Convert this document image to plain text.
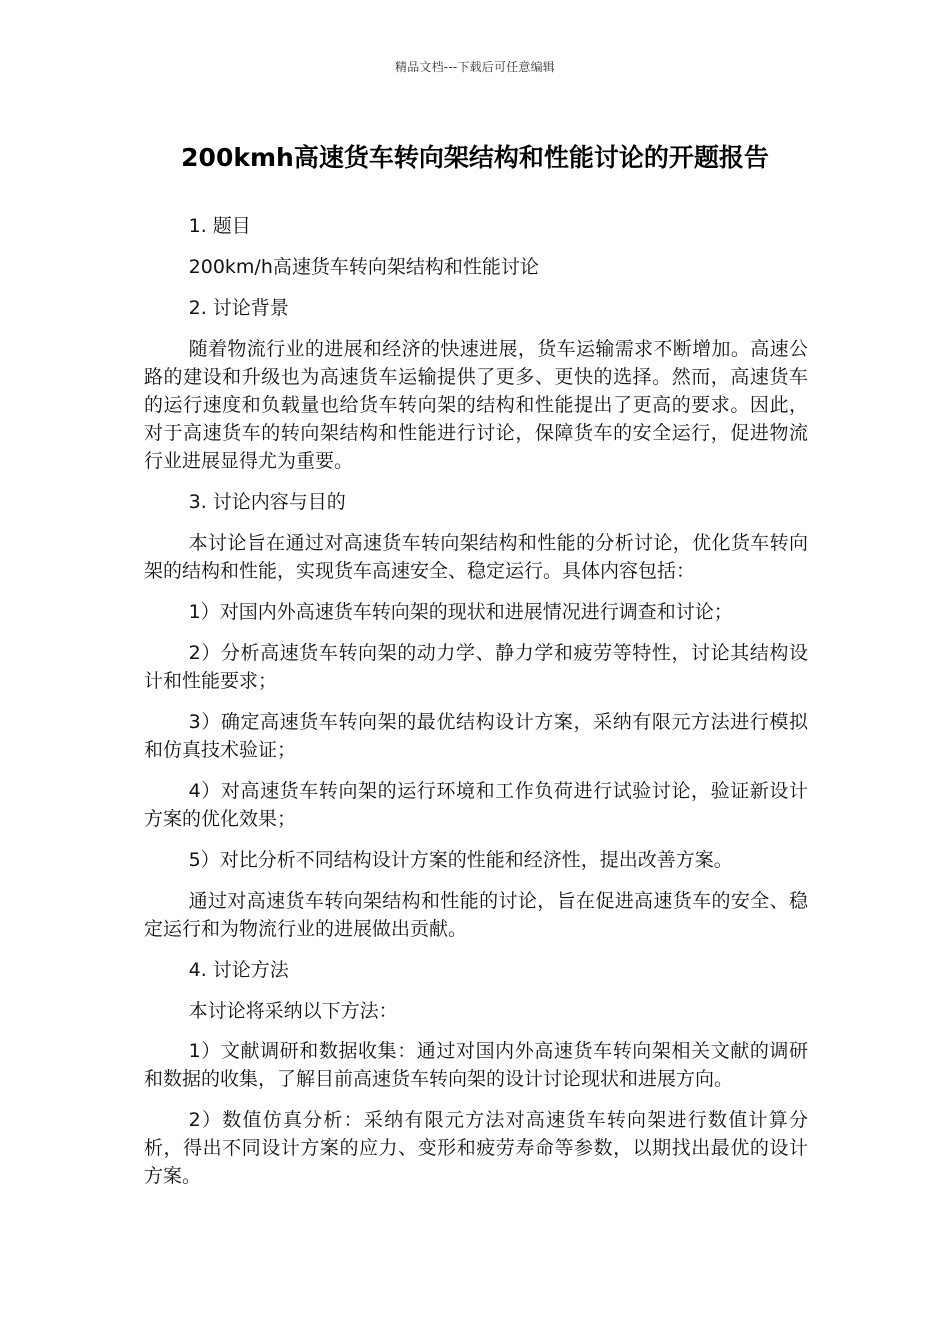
精品文档---下载后可任意编辑
200kmh高速货车转向架结构和性能讨论的开题报告

1. 题目

200km/h高速货车转向架结构和性能讨论

2. 讨论背景

随着物流行业的进展和经济的快速进展，货车运输需求不断增加。高速公路的建设和升级也为高速货车运输提供了更多、更快的选择。然而，高速货车的运行速度和负载量也给货车转向架的结构和性能提出了更高的要求。因此，对于高速货车的转向架结构和性能进行讨论，保障货车的安全运行，促进物流行业进展显得尤为重要。

3. 讨论内容与目的

本讨论旨在通过对高速货车转向架结构和性能的分析讨论，优化货车转向架的结构和性能，实现货车高速安全、稳定运行。具体内容包括：

1）对国内外高速货车转向架的现状和进展情况进行调查和讨论；

2）分析高速货车转向架的动力学、静力学和疲劳等特性，讨论其结构设计和性能要求；

3）确定高速货车转向架的最优结构设计方案，采纳有限元方法进行模拟和仿真技术验证；

4）对高速货车转向架的运行环境和工作负荷进行试验讨论，验证新设计方案的优化效果；

5）对比分析不同结构设计方案的性能和经济性，提出改善方案。

通过对高速货车转向架结构和性能的讨论，旨在促进高速货车的安全、稳定运行和为物流行业的进展做出贡献。

4. 讨论方法

本讨论将采纳以下方法：

1）文献调研和数据收集：通过对国内外高速货车转向架相关文献的调研和数据的收集，了解目前高速货车转向架的设计讨论现状和进展方向。

2）数值仿真分析：采纳有限元方法对高速货车转向架进行数值计算分析，得出不同设计方案的应力、变形和疲劳寿命等参数，以期找出最优的设计方案。
